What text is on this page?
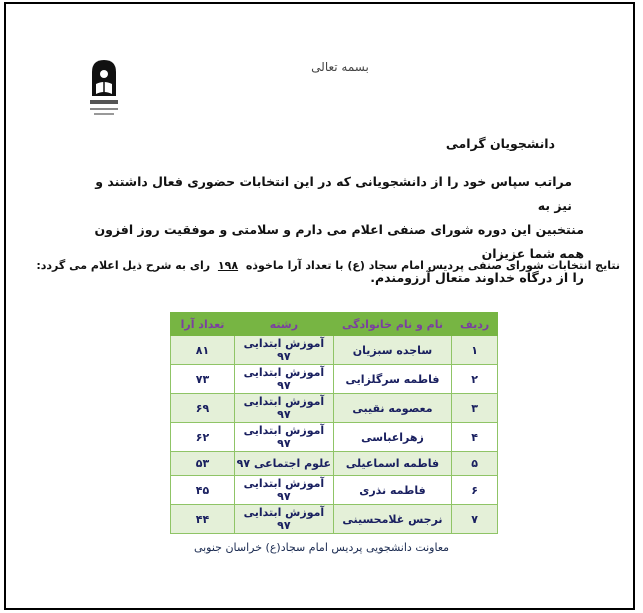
بسمه تعالی
دانشجویان گرامی
مراتب سپاس خود را از دانشجویانی که در این انتخابات حضوری فعال داشتند و نیز به
منتخبین این دوره شورای صنفی اعلام می دارم و سلامتی و موفقیت روز افزون همه شما عزیزان
را از درگاه خداوند متعال آرزومندم.
نتایج انتخابات شورای صنفی پردیس امام سجاد (ع) با تعداد آرا ماخوذه ۱۹۸ رای به شرح ذیل اعلام می گردد:
ردیف	نام و نام خانوادگی	رشته	تعداد آرا
۱	ساجده سبزیان	آموزش ابتدایی ۹۷	۸۱
۲	فاطمه سرگلزایی	آموزش ابتدایی ۹۷	۷۳
۳	معصومه نقیبی	آموزش ابتدایی ۹۷	۶۹
۴	زهراعباسی	آموزش ابتدایی ۹۷	۶۲
۵	فاطمه اسماعیلی	علوم اجتماعی ۹۷	۵۳
۶	فاطمه نذری	آموزش ابتدایی ۹۷	۴۵
۷	نرجس غلامحسینی	آموزش ابتدایی ۹۷	۴۴
معاونت دانشجویی پردیس امام سجاد(ع) خراسان جنوبی
